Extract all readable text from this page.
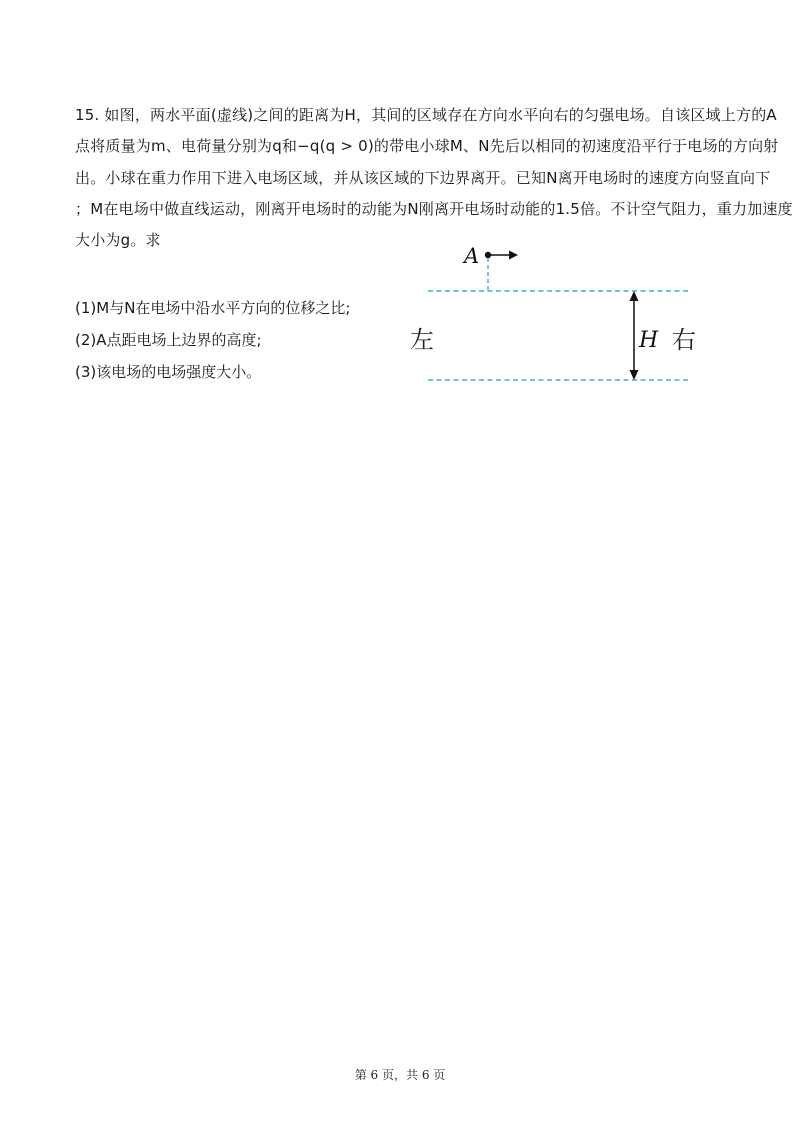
15. 如图，两水平面(虚线)之间的距离为H，其间的区域存在方向水平向右的匀强电场。自该区域上方的A
点将质量为m、电荷量分别为q和−q(q > 0)的带电小球M、N先后以相同的初速度沿平行于电场的方向射
出。小球在重力作用下进入电场区域，并从该区域的下边界离开。已知N离开电场时的速度方向竖直向下
；M在电场中做直线运动，刚离开电场时的动能为N刚离开电场时动能的1.5倍。不计空气阻力，重力加速度
大小为g。求
(1)M与N在电场中沿水平方向的位移之比;
(2)A点距电场上边界的高度;
(3)该电场的电场强度大小。
A
H
左	右
第 6 页，共 6 页
